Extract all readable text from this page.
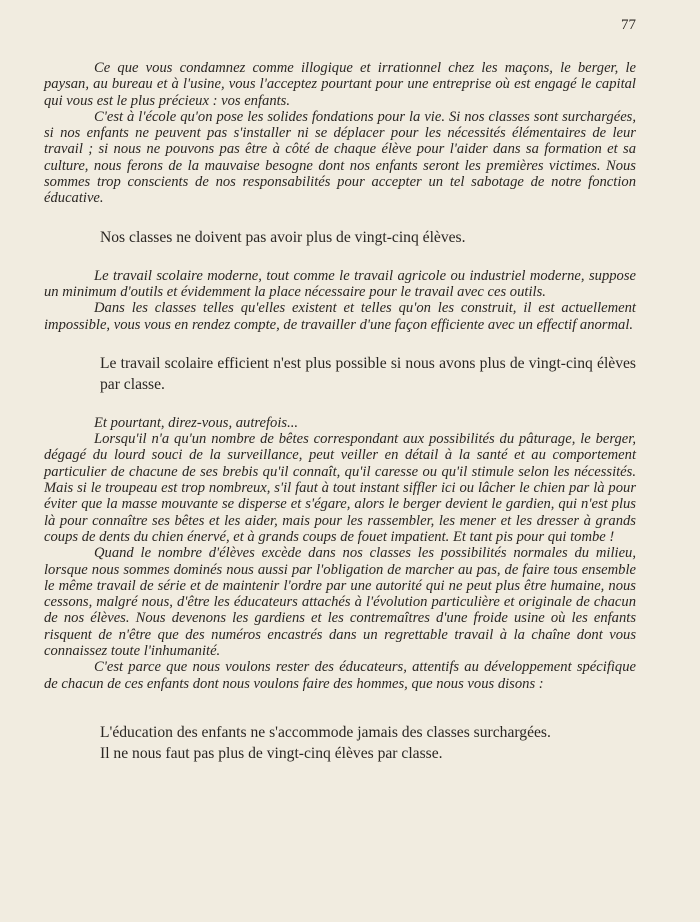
77

Ce que vous condamnez comme illogique et irrationnel chez les maçons, le berger, le paysan, au bureau et à l'usine, vous l'acceptez pourtant pour une entreprise où est engagé le capital qui vous est le plus précieux : vos enfants.

C'est à l'école qu'on pose les solides fondations pour la vie. Si nos classes sont surchargées, si nos enfants ne peuvent pas s'installer ni se déplacer pour les nécessités élémentaires de leur travail ; si nous ne pouvons pas être à côté de chaque élève pour l'aider dans sa formation et sa culture, nous ferons de la mauvaise besogne dont nos enfants seront les premières victimes. Nous sommes trop conscients de nos responsabilités pour accepter un tel sabotage de notre fonction éducative.

Nos classes ne doivent pas avoir plus de vingt-cinq élèves.

Le travail scolaire moderne, tout comme le travail agricole ou industriel moderne, suppose un minimum d'outils et évidemment la place nécessaire pour le travail avec ces outils.

Dans les classes telles qu'elles existent et telles qu'on les construit, il est actuellement impossible, vous vous en rendez compte, de travailler d'une façon efficiente avec un effectif anormal.

Le travail scolaire efficient n'est plus possible si nous avons plus de vingt-cinq élèves par classe.

Et pourtant, direz-vous, autrefois...

Lorsqu'il n'a qu'un nombre de bêtes correspondant aux possibilités du pâturage, le berger, dégagé du lourd souci de la surveillance, peut veiller en détail à la santé et au comportement particulier de chacune de ses brebis qu'il connaît, qu'il caresse ou qu'il stimule selon les nécessités. Mais si le troupeau est trop nombreux, s'il faut à tout instant siffler ici ou lâcher le chien par là pour éviter que la masse mouvante se disperse et s'égare, alors le berger devient le gardien, qui n'est plus là pour connaître ses bêtes et les aider, mais pour les rassembler, les mener et les dresser à grands coups de dents du chien énervé, et à grands coups de fouet impatient. Et tant pis pour qui tombe !

Quand le nombre d'élèves excède dans nos classes les possibilités normales du milieu, lorsque nous sommes dominés nous aussi par l'obligation de marcher au pas, de faire tous ensemble le même travail de série et de maintenir l'ordre par une autorité qui ne peut plus être humaine, nous cessons, malgré nous, d'être les éducateurs attachés à l'évolution particulière et originale de chacun de nos élèves. Nous devenons les gardiens et les contremaîtres d'une froide usine où les enfants risquent de n'être que des numéros encastrés dans un regrettable travail à la chaîne dont vous connaissez toute l'inhumanité.

C'est parce que nous voulons rester des éducateurs, attentifs au développement spécifique de chacun de ces enfants dont nous voulons faire des hommes, que nous vous disons :

L'éducation des enfants ne s'accommode jamais des classes surchargées.

Il ne nous faut pas plus de vingt-cinq élèves par classe.
